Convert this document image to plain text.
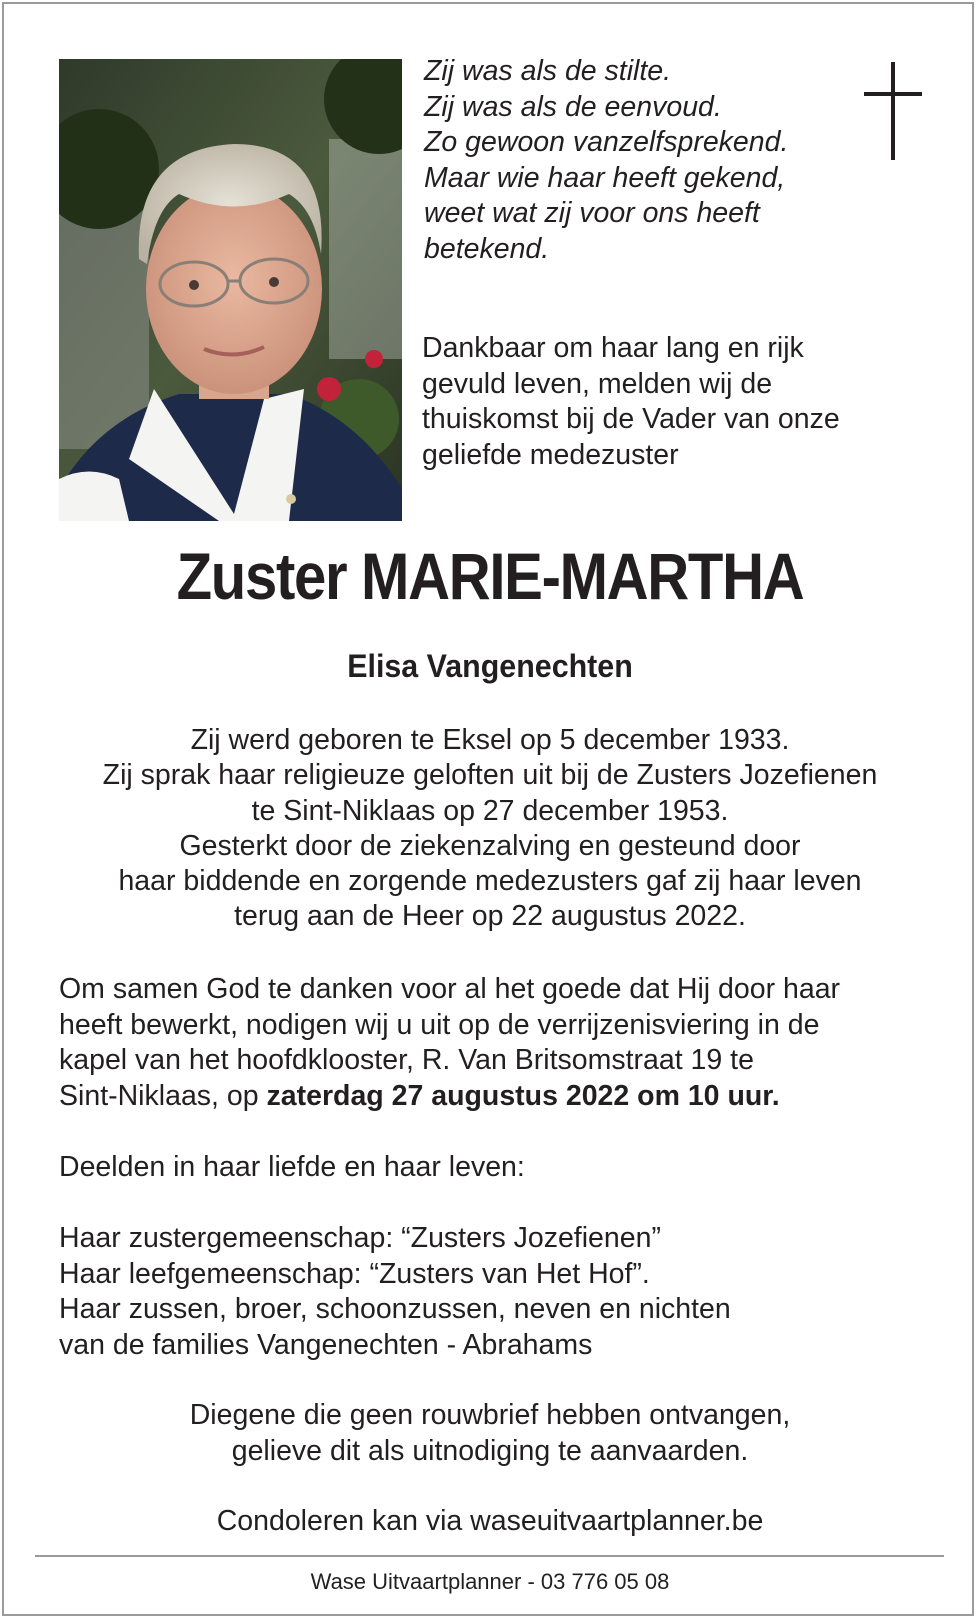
Zij was als de stilte.
Zij was als de eenvoud.
Zo gewoon vanzelfsprekend.
Maar wie haar heeft gekend,
weet wat zij voor ons heeft
betekend.
Dankbaar om haar lang en rijk
gevuld leven, melden wij de
thuiskomst bij de Vader van onze
geliefde medezuster
Zuster MARIE-MARTHA
Elisa Vangenechten
Zij werd geboren te Eksel op 5 december 1933.
Zij sprak haar religieuze geloften uit bij de Zusters Jozefienen
te Sint-Niklaas op 27 december 1953.
Gesterkt door de ziekenzalving en gesteund door
haar biddende en zorgende medezusters gaf zij haar leven
terug aan de Heer op 22 augustus 2022.
Om samen God te danken voor al het goede dat Hij door haar
heeft bewerkt, nodigen wij u uit op de verrijzenisviering in de
kapel van het hoofdklooster, R. Van Britsomstraat 19 te
Sint-Niklaas, op zaterdag 27 augustus 2022 om 10 uur.
Deelden in haar liefde en haar leven:
Haar zustergemeenschap: “Zusters Jozefienen”
Haar leefgemeenschap: “Zusters van Het Hof”.
Haar zussen, broer, schoonzussen, neven en nichten
van de families Vangenechten - Abrahams
Diegene die geen rouwbrief hebben ontvangen,
gelieve dit als uitnodiging te aanvaarden.
Condoleren kan via waseuitvaartplanner.be
Wase Uitvaartplanner - 03 776 05 08
